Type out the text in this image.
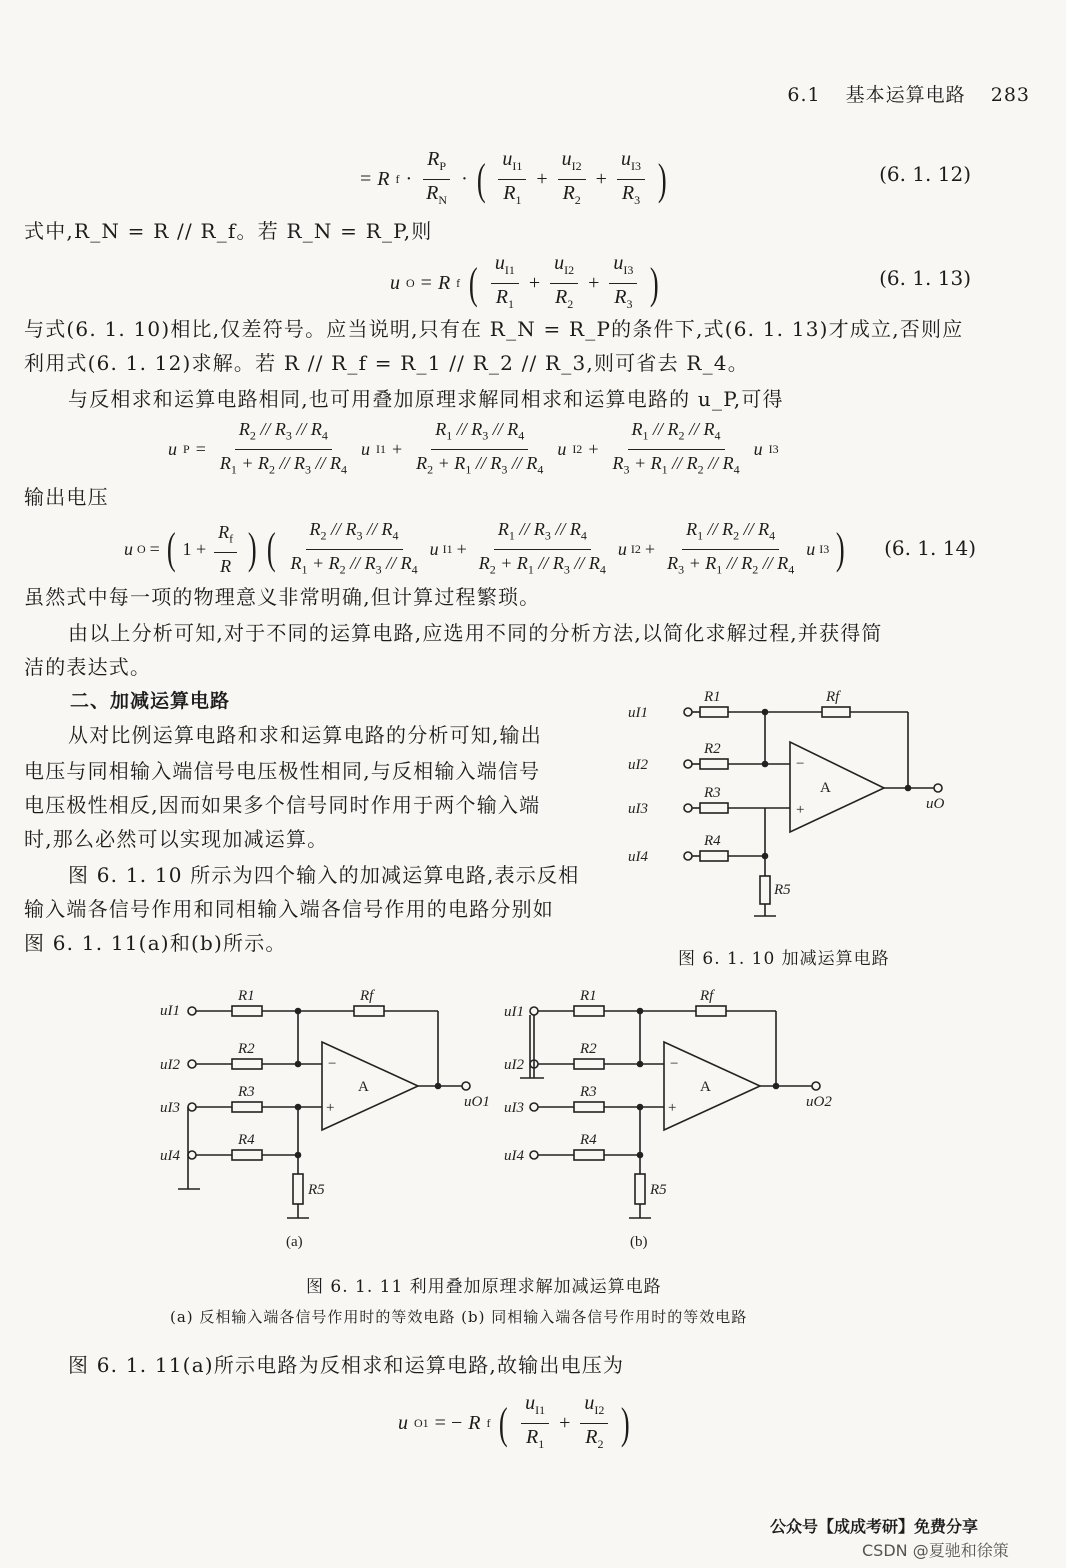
6.1 基本运算电路 283
= R $f \cdot \frac{R_P}{R_N}$ · ( $\frac{u_{I1}}{R_1} + \frac{u_{I2}}{R_2} + \frac{u_{I3}}{R_3}$ )	(6. 1. 12)
式中,R_N = R // R_f。若 R_N = R_P,则
u O = R f ( $\frac{u_{I1}}{R_1} + \frac{u_{I2}}{R_2} + \frac{u_{I3}}{R_3}$ )	(6. 1. 13)
与式(6. 1. 10)相比,仅差符号。应当说明,只有在 R_N = R_P的条件下,式(6. 1. 13)才成立,否则应
利用式(6. 1. 12)求解。若 R // R_f = R_1 // R_2 // R_3,则可省去 R_4。
与反相求和运算电路相同,也可用叠加原理求解同相求和运算电路的 u_P,可得
u $P = \frac{R_2 // R_3 // R_4}{R_1 + R_2 // R_3 // R_4}$ u $I1 + \frac{R_1 // R_3 // R_4}{R_2 + R_1 // R_3 // R_4}$ u $I2 + \frac{R_1 // R_2 // R_4}{R_3 + R_1 // R_2 // R_4}$ u I3
输出电压
u O = ( $1 + \frac{R_f}{R}$ ) ( $\frac{R_2 // R_3 // R_4}{R_1 + R_2 // R_3 // R_4}$ u $I1 + \frac{R_1 // R_3 // R_4}{R_2 + R_1 // R_3 // R_4}$ u $I2 + \frac{R_1 // R_2 // R_4}{R_3 + R_1 // R_2 // R_4}$ u I3 ) (6. 1. 14)
虽然式中每一项的物理意义非常明确,但计算过程繁琐。
由以上分析可知,对于不同的运算电路,应选用不同的分析方法,以简化求解过程,并获得简
洁的表达式。
二、加减运算电路
从对比例运算电路和求和运算电路的分析可知,输出
电压与同相输入端信号电压极性相同,与反相输入端信号
电压极性相反,因而如果多个信号同时作用于两个输入端
时,那么必然可以实现加减运算。
图 6. 1. 10 所示为四个输入的加减运算电路,表示反相
输入端各信号作用和同相输入端各信号作用的电路分别如
图 6. 1. 11(a)和(b)所示。
uI1
uI2
uI3
uI4
R1	Rf
R2
R3
R4
R5
uO
A
−
+
图 6. 1. 10 加减运算电路
uI1
uI2
uI3
uI4
R1	Rf
R2
R3
R4
R5
uO1
A
−
+
(a)
uI1
uI2
uI3
uI4
R1	Rf
R2
R3
R4
R5
uO2
A
−
+
(b)
图 6. 1. 11 利用叠加原理求解加减运算电路
(a) 反相输入端各信号作用时的等效电路 (b) 同相输入端各信号作用时的等效电路
图 6. 1. 11(a)所示电路为反相求和运算电路,故输出电压为
u O1 = − R f ( $\frac{u_{I1}}{R_1} + \frac{u_{I2}}{R_2}$ )
公众号【成成考研】免费分享
CSDN @夏驰和徐策
